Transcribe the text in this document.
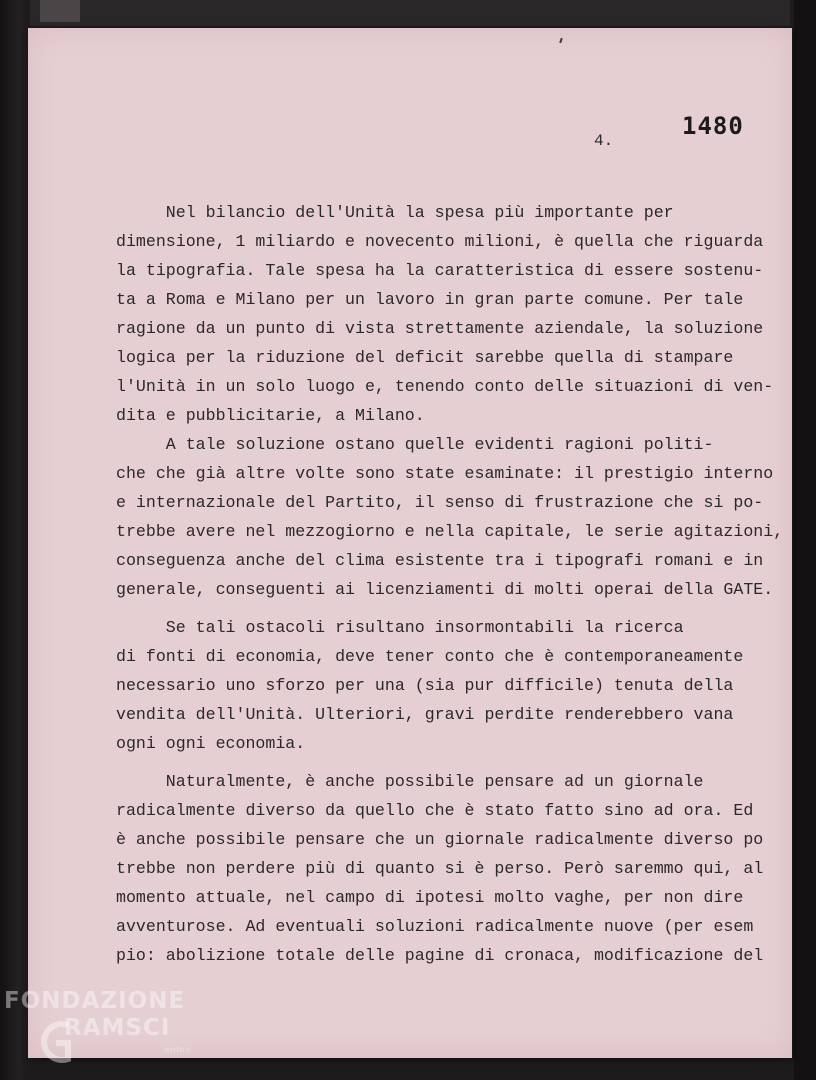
1480
4.
Nel bilancio dell'Unità la spesa più importante per
dimensione, 1 miliardo e novecento milioni, è quella che riguarda
la tipografia. Tale spesa ha la caratteristica di essere sostenu-
ta a Roma e Milano per un lavoro in gran parte comune. Per tale
ragione da un punto di vista strettamente aziendale, la soluzione
logica per la riduzione del deficit sarebbe quella di stampare
l'Unità in un solo luogo e, tenendo conto delle situazioni di ven-
dita e pubblicitarie, a Milano.
A tale soluzione ostano quelle evidenti ragioni politi-
che che già altre volte sono state esaminate: il prestigio interno
e internazionale del Partito, il senso di frustrazione che si po-
trebbe avere nel mezzogiorno e nella capitale, le serie agitazioni,
conseguenza anche del clima esistente tra i tipografi romani e in
generale, conseguenti ai licenziamenti di molti operai della GATE.
Se tali ostacoli risultano insormontabili la ricerca
di fonti di economia, deve tener conto che è contemporaneamente
necessario uno sforzo per una (sia pur difficile) tenuta della
vendita dell'Unità. Ulteriori, gravi perdite renderebbero vana
ogni ogni economia.
Naturalmente, è anche possibile pensare ad un giornale
radicalmente diverso da quello che è stato fatto sino ad ora. Ed
è anche possibile pensare che un giornale radicalmente diverso po
trebbe non perdere più di quanto si è perso. Però saremmo qui, al
momento attuale, nel campo di ipotesi molto vaghe, per non dire
avventurose. Ad eventuali soluzioni radicalmente nuove (per esem
pio: abolizione totale delle pagine di cronaca, modificazione del
FONDAZIONE
RAMSCI
onlus
